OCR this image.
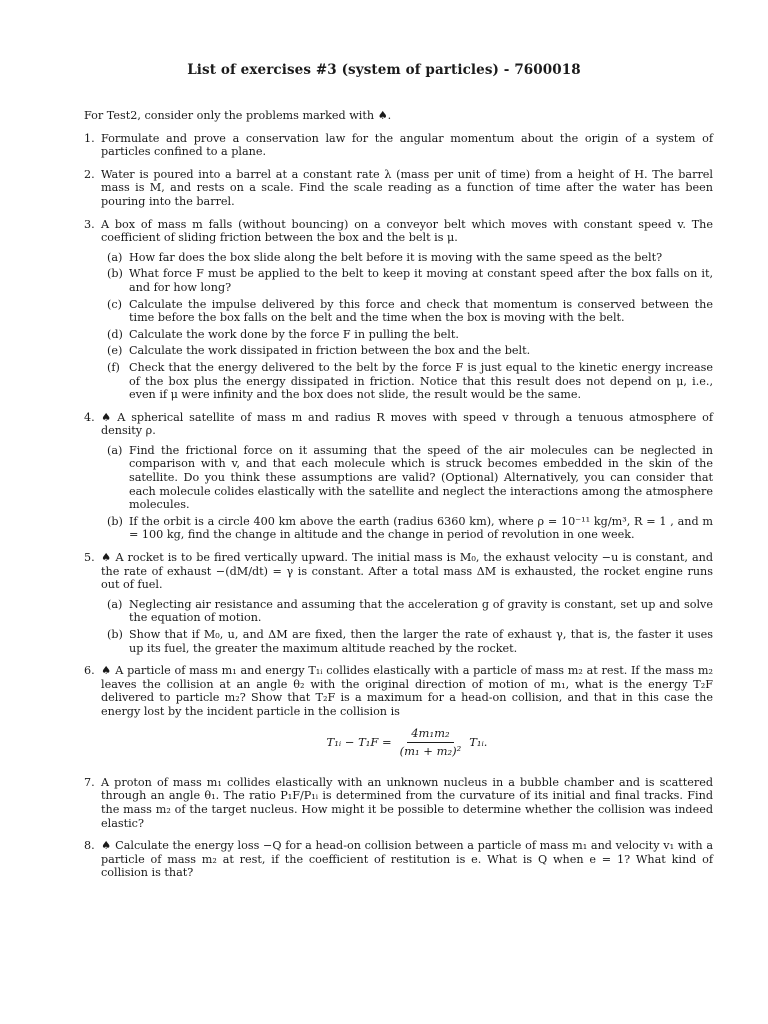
List of exercises #3 (system of particles) - 7600018

For Test2, consider only the problems marked with ♠.

1. Formulate and prove a conservation law for the angular momentum about the origin of a system of particles confined to a plane.
2. Water is poured into a barrel at a constant rate λ (mass per unit of time) from a height of H. The barrel mass is M, and rests on a scale. Find the scale reading as a function of time after the water has been pouring into the barrel.
3. A box of mass m falls (without bouncing) on a conveyor belt which moves with constant speed v. The coefficient of sliding friction between the box and the belt is μ.
(a) How far does the box slide along the belt before it is moving with the same speed as the belt?
(b) What force F must be applied to the belt to keep it moving at constant speed after the box falls on it, and for how long?
(c) Calculate the impulse delivered by this force and check that momentum is conserved between the time before the box falls on the belt and the time when the box is moving with the belt.
(d) Calculate the work done by the force F in pulling the belt.
(e) Calculate the work dissipated in friction between the box and the belt.
(f) Check that the energy delivered to the belt by the force F is just equal to the kinetic energy increase of the box plus the energy dissipated in friction. Notice that this result does not depend on μ, i.e., even if μ were infinity and the box does not slide, the result would be the same.
4. ♠ A spherical satellite of mass m and radius R moves with speed v through a tenuous atmosphere of density ρ.
(a) Find the frictional force on it assuming that the speed of the air molecules can be neglected in comparison with v, and that each molecule which is struck becomes embedded in the skin of the satellite. Do you think these assumptions are valid? (Optional) Alternatively, you can consider that each molecule colides elastically with the satellite and neglect the interactions among the atmosphere molecules.
(b) If the orbit is a circle 400 km above the earth (radius 6360 km), where ρ = 10⁻¹¹ kg/m³, R = 1 , and m = 100 kg, find the change in altitude and the change in period of revolution in one week.
5. ♠ A rocket is to be fired vertically upward. The initial mass is M₀, the exhaust velocity −u is constant, and the rate of exhaust −(dM/dt) = γ is constant. After a total mass ΔM is exhausted, the rocket engine runs out of fuel.
(a) Neglecting air resistance and assuming that the acceleration g of gravity is constant, set up and solve the equation of motion.
(b) Show that if M₀, u, and ΔM are fixed, then the larger the rate of exhaust γ, that is, the faster it uses up its fuel, the greater the maximum altitude reached by the rocket.
6. ♠ A particle of mass m₁ and energy T₁ᵢ collides elastically with a particle of mass m₂ at rest. If the mass m₂ leaves the collision at an angle θ₂ with the original direction of motion of m₁, what is the energy T₂F delivered to particle m₂? Show that T₂F is a maximum for a head-on collision, and that in this case the energy lost by the incident particle in the collision is
T₁ᵢ − $T_1F = \frac{\text{4m₁m₂}}{\text{(m₁ + m₂)²}}$ T₁ᵢ.
7. A proton of mass m₁ collides elastically with an unknown nucleus in a bubble chamber and is scattered through an angle θ₁. The ratio P₁F/P₁ᵢ is determined from the curvature of its initial and final tracks. Find the mass m₂ of the target nucleus. How might it be possible to determine whether the collision was indeed elastic?
8. ♠ Calculate the energy loss −Q for a head-on collision between a particle of mass m₁ and velocity v₁ with a particle of mass m₂ at rest, if the coefficient of restitution is e. What is Q when e = 1? What kind of collision is that?
